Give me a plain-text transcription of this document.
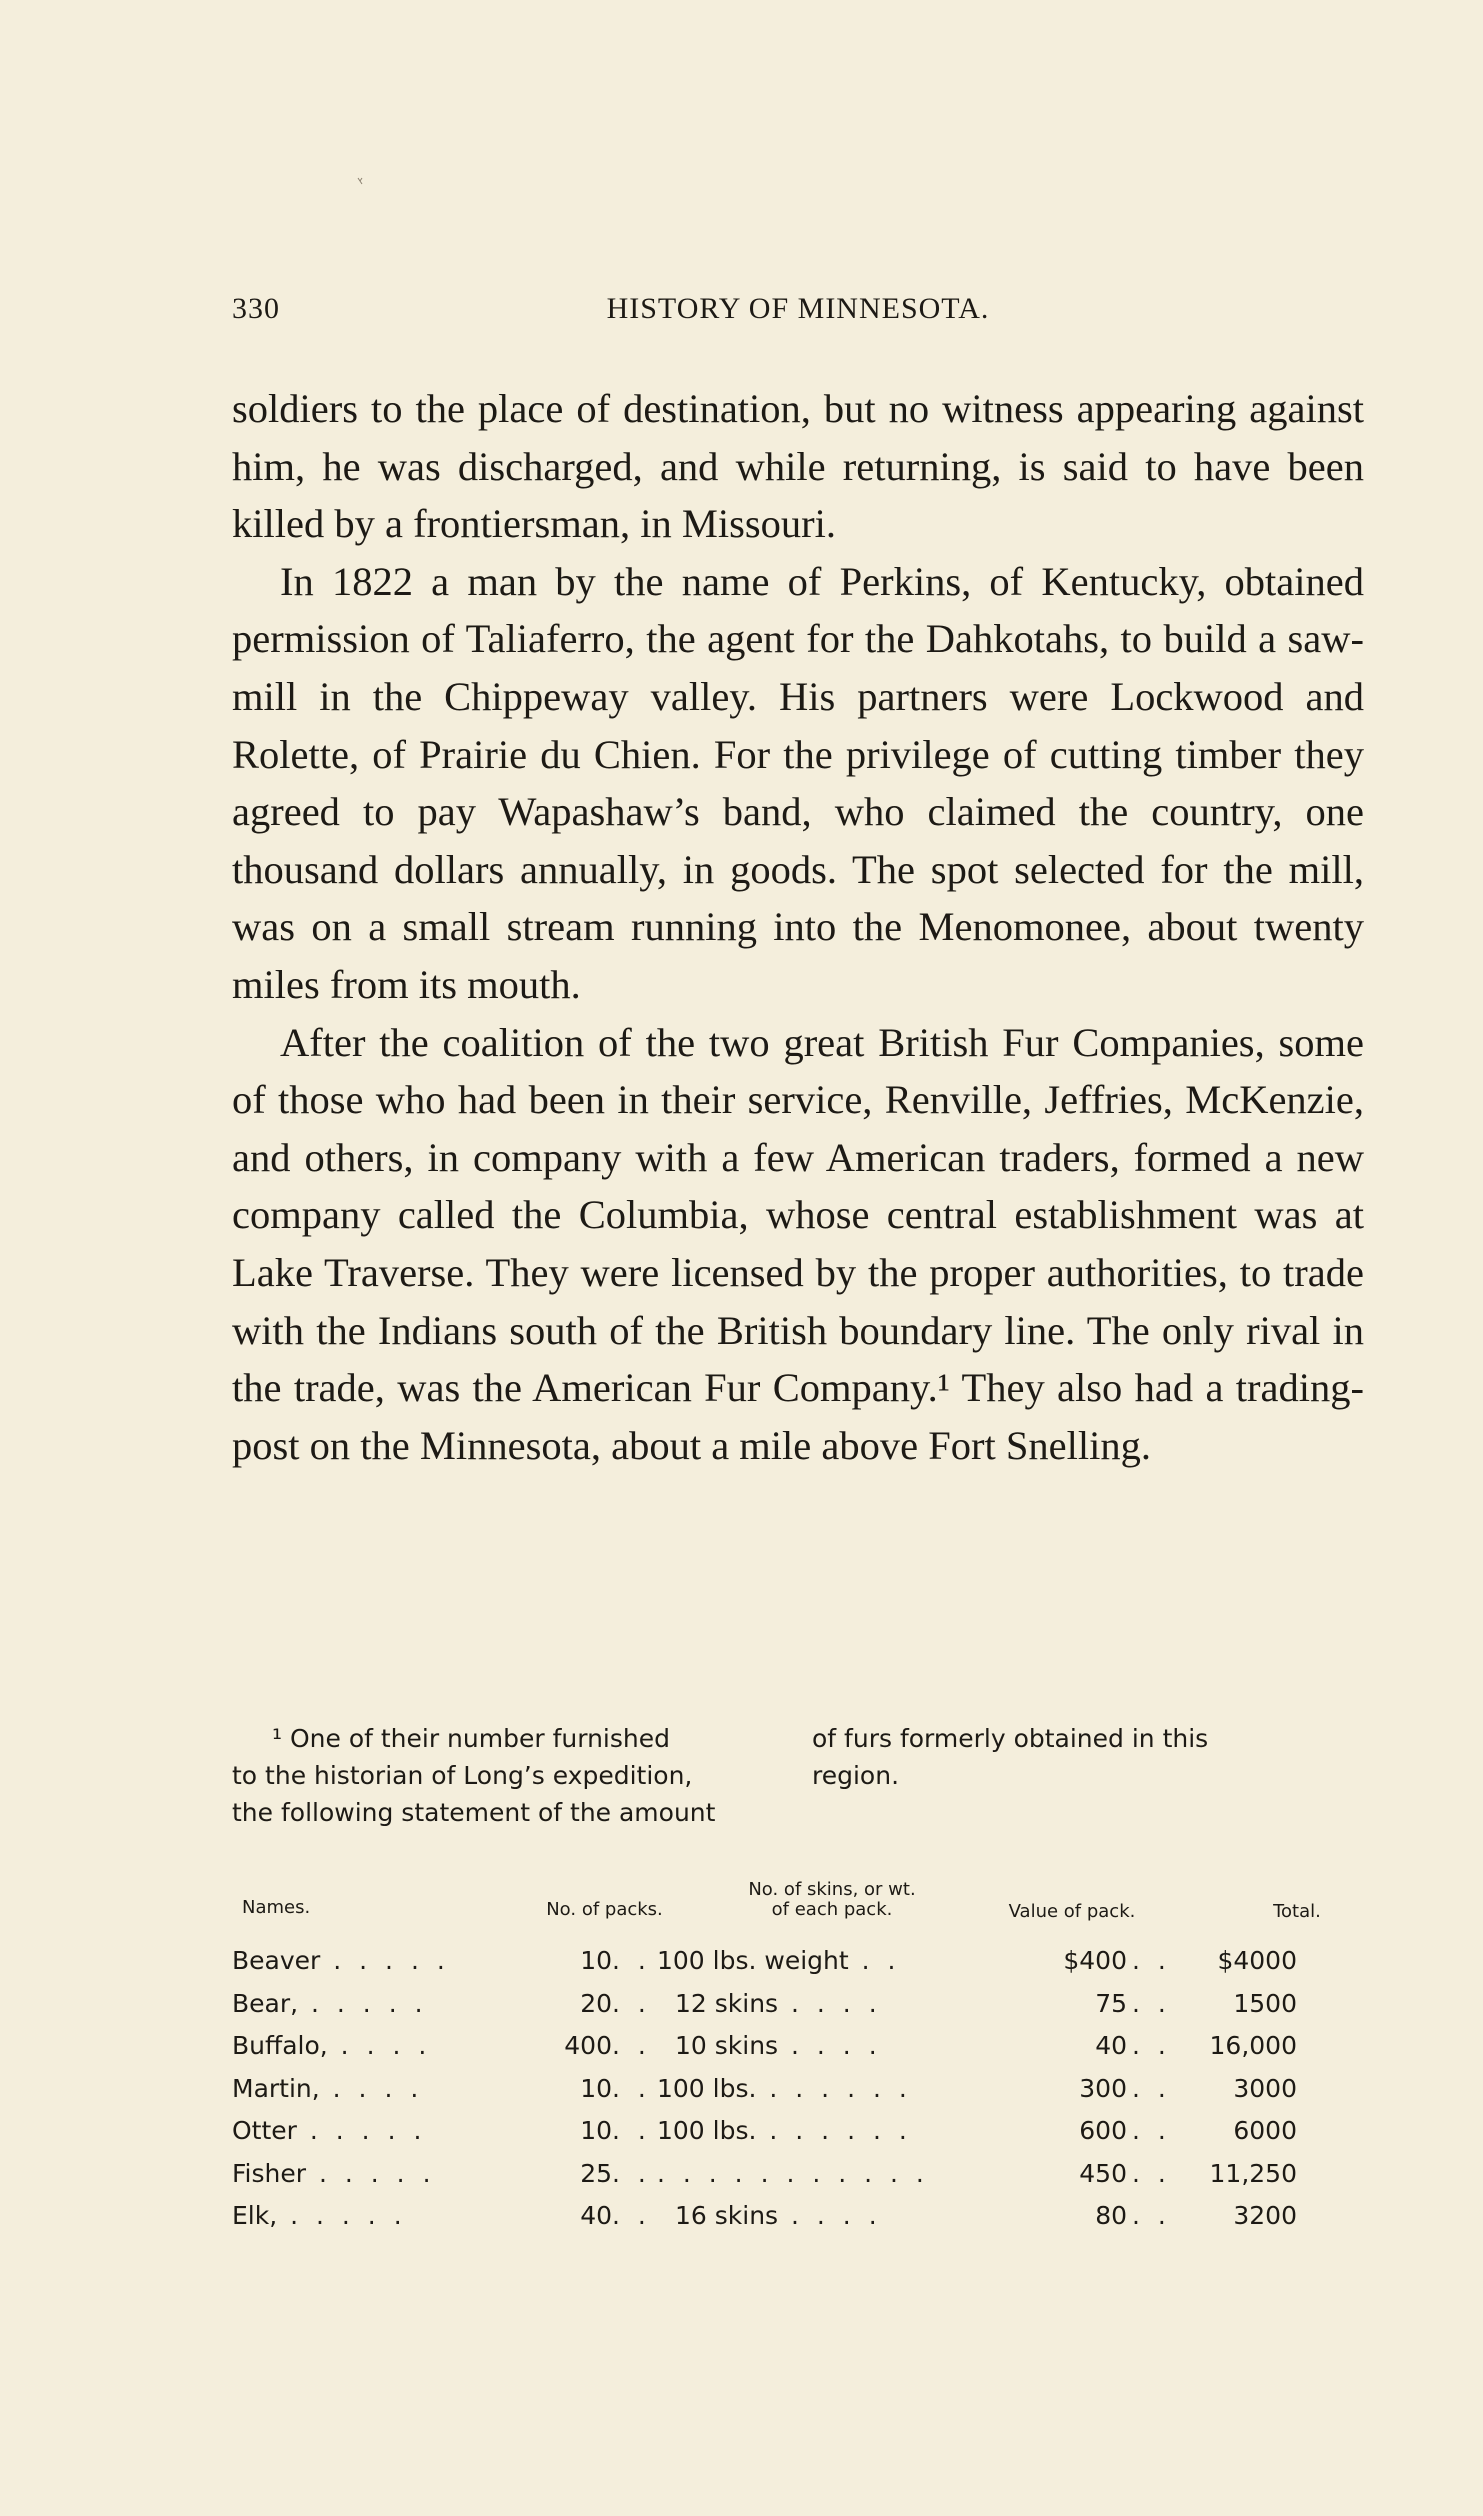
330	HISTORY OF MINNESOTA.

soldiers to the place of destination, but no witness appearing against him, he was discharged, and while returning, is said to have been killed by a frontiersman, in Missouri.

In 1822 a man by the name of Perkins, of Kentucky, obtained permission of Taliaferro, the agent for the Dahkotahs, to build a saw-mill in the Chippeway valley. His partners were Lockwood and Rolette, of Prairie du Chien. For the privilege of cutting timber they agreed to pay Wapashaw’s band, who claimed the country, one thousand dollars annually, in goods. The spot selected for the mill, was on a small stream running into the Menomonee, about twenty miles from its mouth.

After the coalition of the two great British Fur Companies, some of those who had been in their service, Renville, Jeffries, McKenzie, and others, in company with a few American traders, formed a new company called the Columbia, whose central establishment was at Lake Traverse. They were licensed by the proper authorities, to trade with the Indians south of the British boundary line. The only rival in the trade, was the American Fur Company.¹ They also had a trading-post on the Minnesota, about a mile above Fort Snelling.

¹ One of their number furnished
to the historian of Long’s expedition,
the following statement of the amount
of furs formerly obtained in this
region.
Names.	No. of packs.
No. of skins, or wt.
of each pack.	Value of pack.	Total.
Beaver . . . . .	10 . . 100 lbs. weight . .	$400 . .	$4000
Bear, . . . . .	20 . . 12 skins . . . .	75 . .	1500
Buffalo, . . . .	400 . . 10 skins . . . .	40 . .	16,000
Martin, . . . .	10 . . 100 lbs. . . . . . .	300 . .	3000
Otter . . . . .	10 . . 100 lbs. . . . . . .	600 . .	6000
Fisher . . . . .	25 . . . . . . . . . . . . .	450 . .	11,250
Elk, . . . . .	40 . . 16 skins . . . .	80 . .	3200
